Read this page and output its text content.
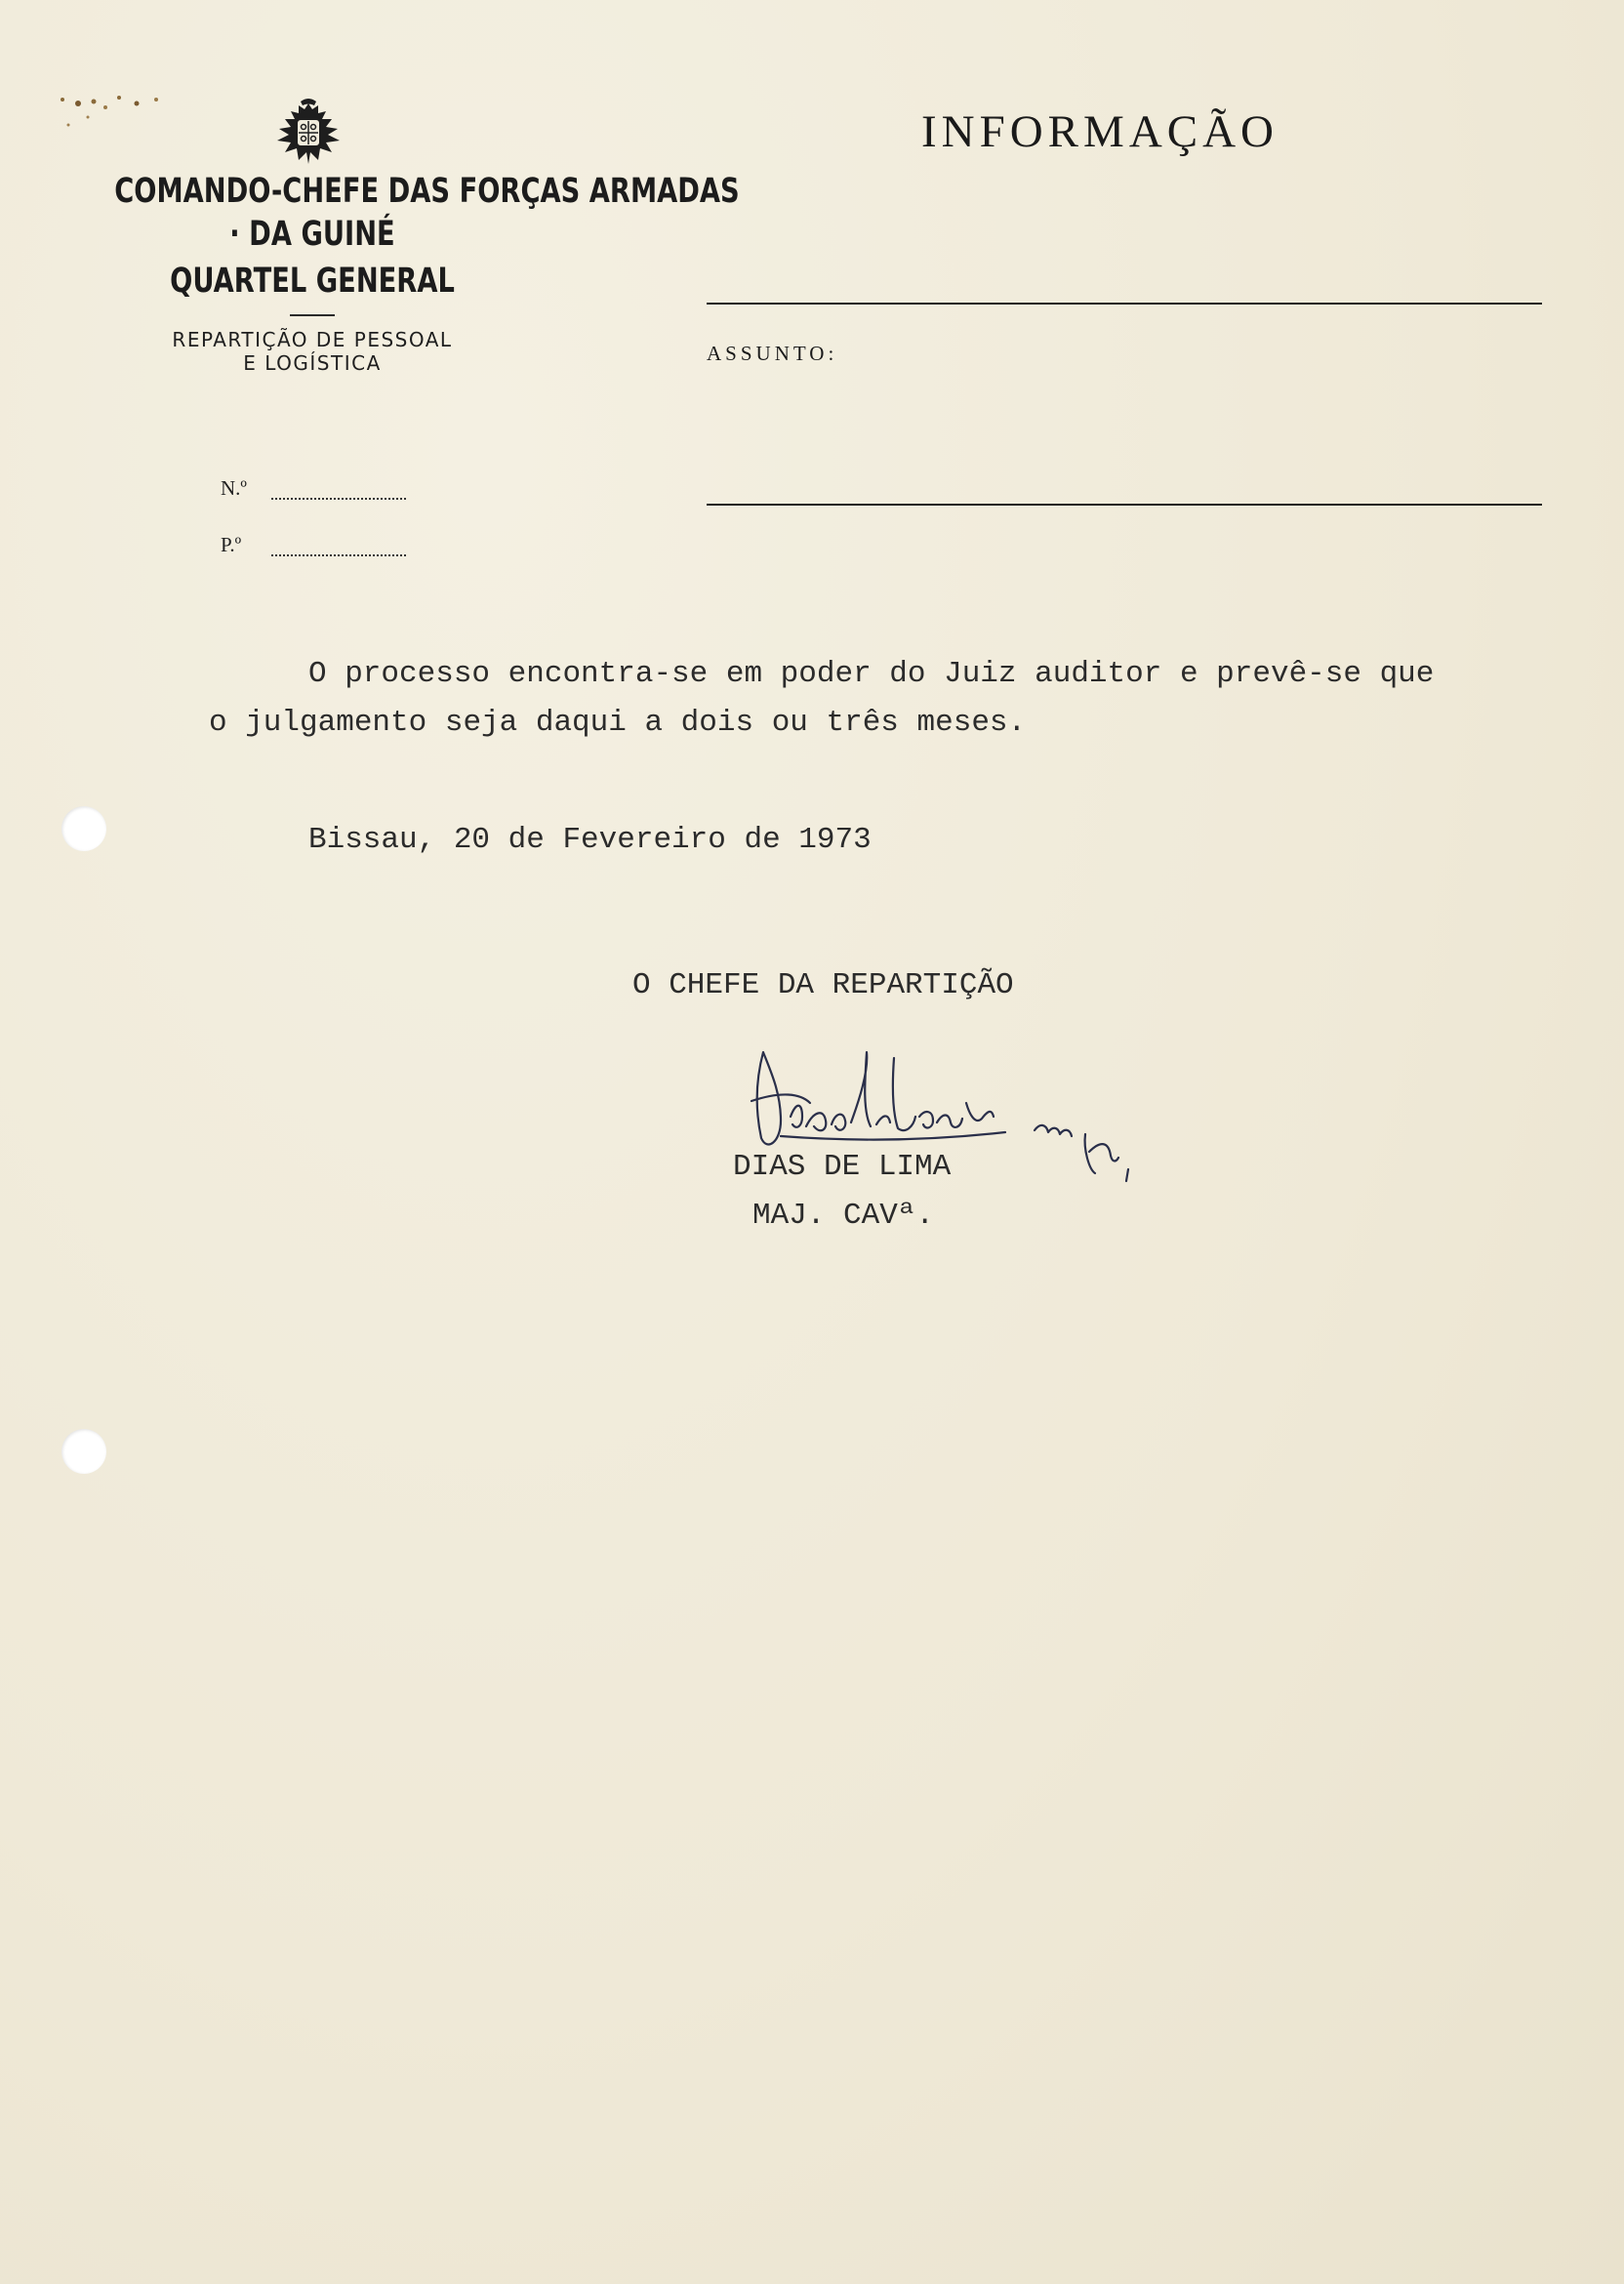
COMANDO-CHEFE DAS FORÇAS ARMADAS
· DA GUINÉ
QUARTEL GENERAL
REPARTIÇÃO DE PESSOAL
E LOGÍSTICA
N.º
P.º
INFORMAÇÃO
ASSUNTO:
O processo encontra-se em poder do Juiz auditor e prevê-se que
o julgamento seja daqui a dois ou três meses.
Bissau, 20 de Fevereiro de 1973
O CHEFE DA REPARTIÇÃO
DIAS DE LIMA
MAJ. CAVª.
